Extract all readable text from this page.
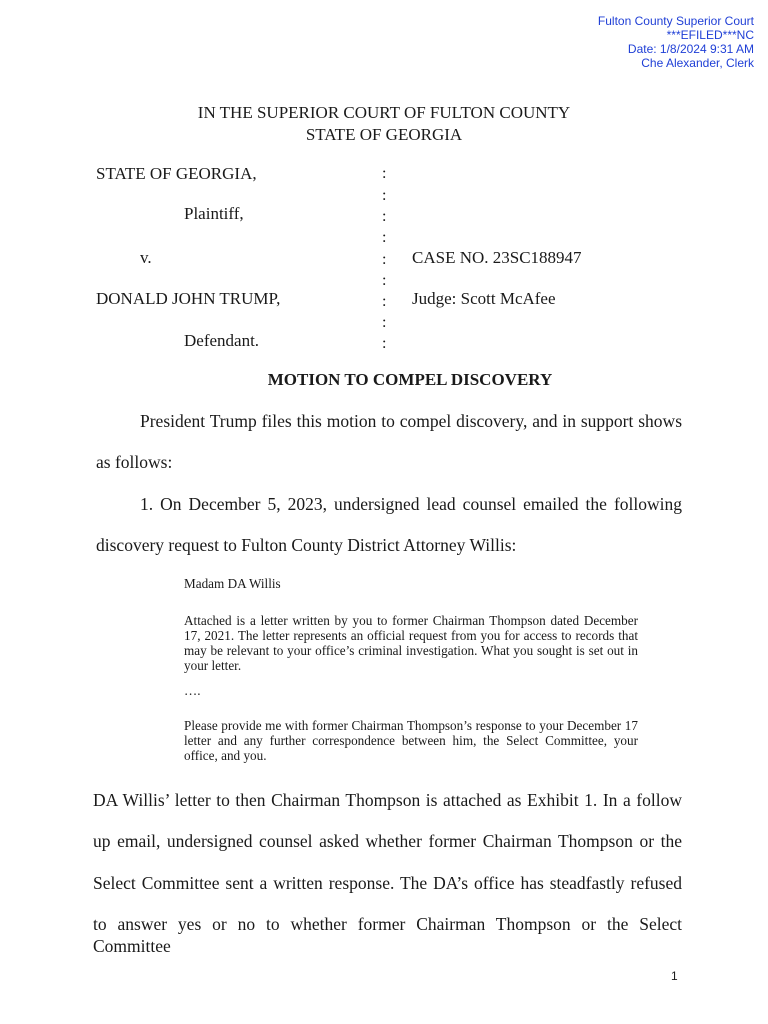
Fulton County Superior Court
***EFILED***NC
Date: 1/8/2024 9:31 AM
Che Alexander, Clerk
IN THE SUPERIOR COURT OF FULTON COUNTY
STATE OF GEORGIA
STATE OF GEORGIA,
Plaintiff,
v.
DONALD JOHN TRUMP,
Defendant.
:
:
:
:
:
:
:
:
:
CASE NO. 23SC188947
Judge: Scott McAfee
MOTION TO COMPEL DISCOVERY
President Trump files this motion to compel discovery, and in support shows
as follows:
1. On December 5, 2023, undersigned lead counsel emailed the following
discovery request to Fulton County District Attorney Willis:
Madam DA Willis
Attached is a letter written by you to former Chairman Thompson dated December 17, 2021. The letter represents an official request from you for access to records that may be relevant to your office’s criminal investigation. What you sought is set out in your letter.
….
Please provide me with former Chairman Thompson’s response to your December 17 letter and any further correspondence between him, the Select Committee, your office, and you.
DA Willis’ letter to then Chairman Thompson is attached as Exhibit 1. In a follow
up email, undersigned counsel asked whether former Chairman Thompson or the
Select Committee sent a written response. The DA’s office has steadfastly refused
to answer yes or no to whether former Chairman Thompson or the Select Committee
1
